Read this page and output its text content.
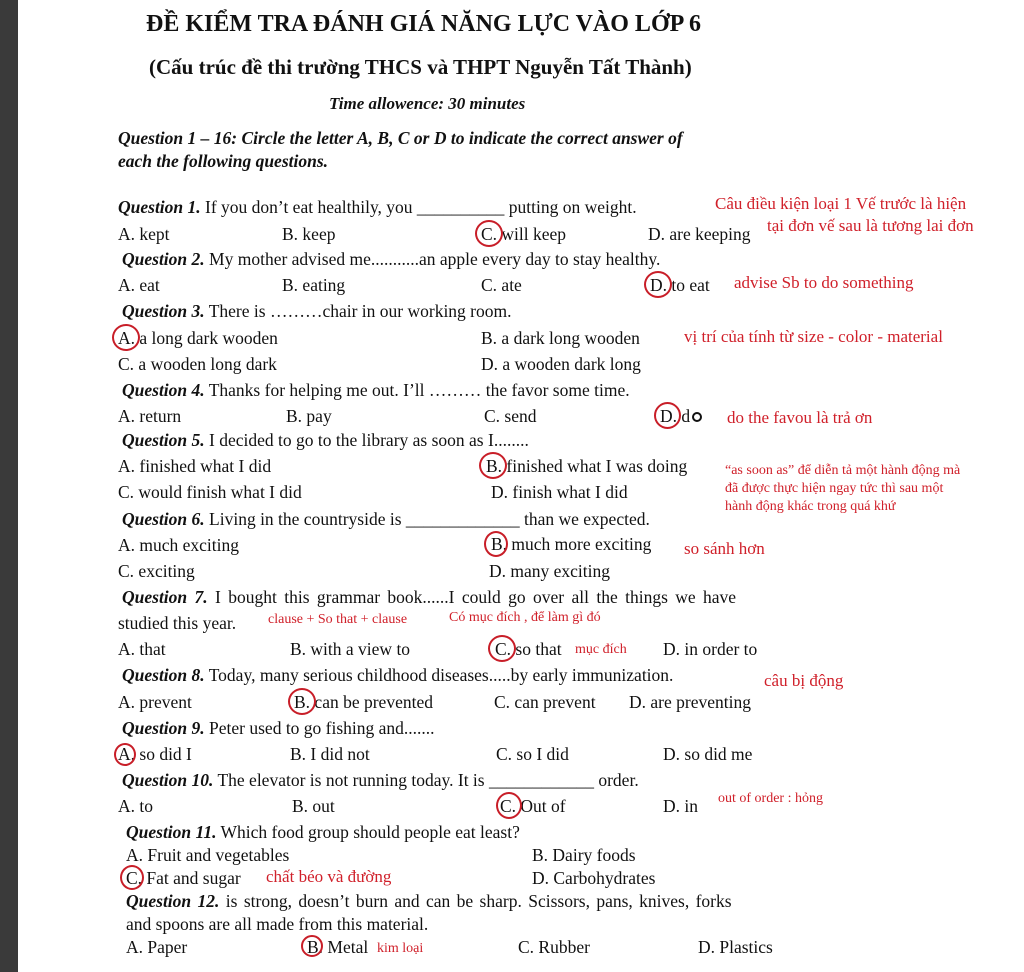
ĐỀ KIỂM TRA ĐÁNH GIÁ NĂNG LỰC VÀO LỚP 6
(Cấu trúc đề thi trường THCS và THPT Nguyễn Tất Thành)
Time allowence: 30 minutes
Question 1 – 16: Circle the letter A, B, C or D to indicate the correct answer of
each the following questions.
Question 1. If you don’t eat healthily, you __________ putting on weight.	Câu điều kiện loại 1 Vế trước là hiện
A. kept	B. keep	C. will keep	D. are keeping tại đơn vế sau là tương lai đơn
Question 2. My mother advised me...........an apple every day to stay healthy.
A. eat	B. eating	C. ate	D. to eat advise Sb to do something
Question 3. There is ………chair in our working room.
A. a long dark wooden	B. a dark long wooden	vị trí của tính từ size - color - material
C. a wooden long dark	D. a wooden dark long
Question 4. Thanks for helping me out. I’ll ……… the favor some time.
A. return	B. pay	C. send	D. d do the favou là trả ơn
Question 5. I decided to go to the library as soon as I........
A. finished what I did	B. finished what I was doing	“as soon as” để diễn tả một hành động mà
đã được thực hiện ngay tức thì sau một
hành động khác trong quá khứ
C. would finish what I did	D. finish what I did
Question 6. Living in the countryside is _____________ than we expected.
A. much exciting	B. much more exciting so sánh hơn
C. exciting	D. many exciting
Question 7. I bought this grammar book......I could go over all the things we have
studied this year. clause + So that + clause	Có mục đích , để làm gì đó
A. that	B. with a view to	C. so that mục đích D. in order to
Question 8. Today, many serious childhood diseases.....by early immunization.	câu bị động
A. prevent	B. can be prevented	C. can prevent D. are preventing
Question 9. Peter used to go fishing and.......
A. so did I	B. I did not	C. so I did	D. so did me
Question 10. The elevator is not running today. It is ____________ order.
A. to	B. out	C. Out of	D. in out of order : hỏng
Question 11. Which food group should people eat least?
A. Fruit and vegetables	B. Dairy foods
C. Fat and sugar chất béo và đường	D. Carbohydrates
Question 12. is strong, doesn’t burn and can be sharp. Scissors, pans, knives, forks
and spoons are all made from this material.
A. Paper	B. Metal kim loại	C. Rubber	D. Plastics
